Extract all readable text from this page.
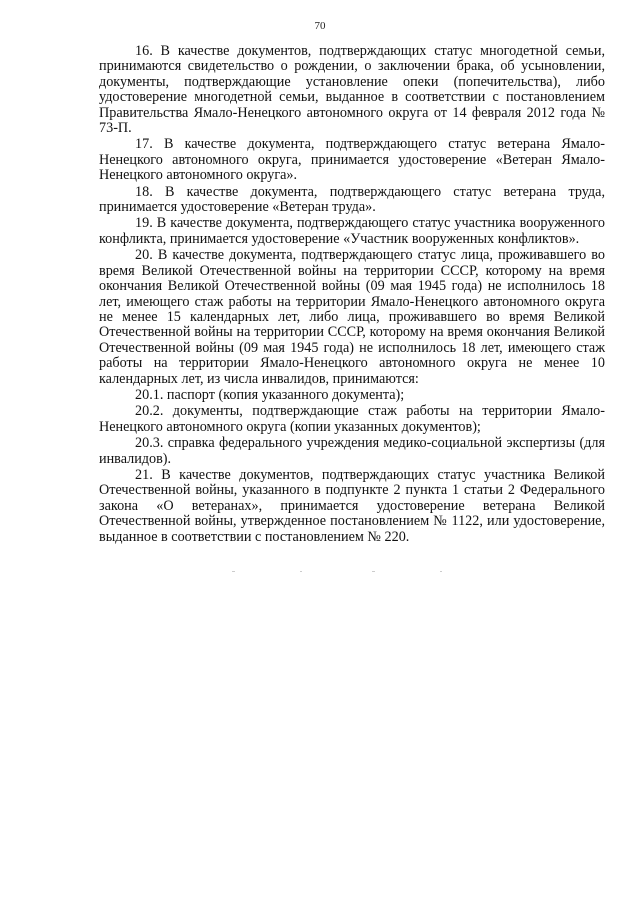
70

16. В качестве документов, подтверждающих статус многодетной семьи, принимаются свидетельство о рождении, о заключении брака, об усыновлении, документы, подтверждающие установление опеки (попечительства), либо удостоверение многодетной семьи, выданное в соответствии с постановлением Правительства Ямало-Ненецкого автономного округа от 14 февраля 2012 года № 73-П.

17. В качестве документа, подтверждающего статус ветерана Ямало-Ненецкого автономного округа, принимается удостоверение «Ветеран Ямало-Ненецкого автономного округа».

18. В качестве документа, подтверждающего статус ветерана труда, принимается удостоверение «Ветеран труда».

19. В качестве документа, подтверждающего статус участника вооруженного конфликта, принимается удостоверение «Участник вооруженных конфликтов».

20. В качестве документа, подтверждающего статус лица, проживавшего во время Великой Отечественной войны на территории СССР, которому на время окончания Великой Отечественной войны (09 мая 1945 года) не исполнилось 18 лет, имеющего стаж работы на территории Ямало-Ненецкого автономного округа не менее 15 календарных лет, либо лица, проживавшего во время Великой Отечественной войны на территории СССР, которому на время окончания Великой Отечественной войны (09 мая 1945 года) не исполнилось 18 лет, имеющего стаж работы на территории Ямало-Ненецкого автономного округа не менее 10 календарных лет, из числа инвалидов, принимаются:

20.1. паспорт (копия указанного документа);

20.2. документы, подтверждающие стаж работы на территории Ямало-Ненецкого автономного округа (копии указанных документов);

20.3. справка федерального учреждения медико-социальной экспертизы (для инвалидов).

21. В качестве документов, подтверждающих статус участника Великой Отечественной войны, указанного в подпункте 2 пункта 1 статьи 2 Федерального закона «О ветеранах», принимается удостоверение ветерана Великой Отечественной войны, утвержденное постановлением № 1122, или удостоверение, выданное в соответствии с постановлением № 220.
